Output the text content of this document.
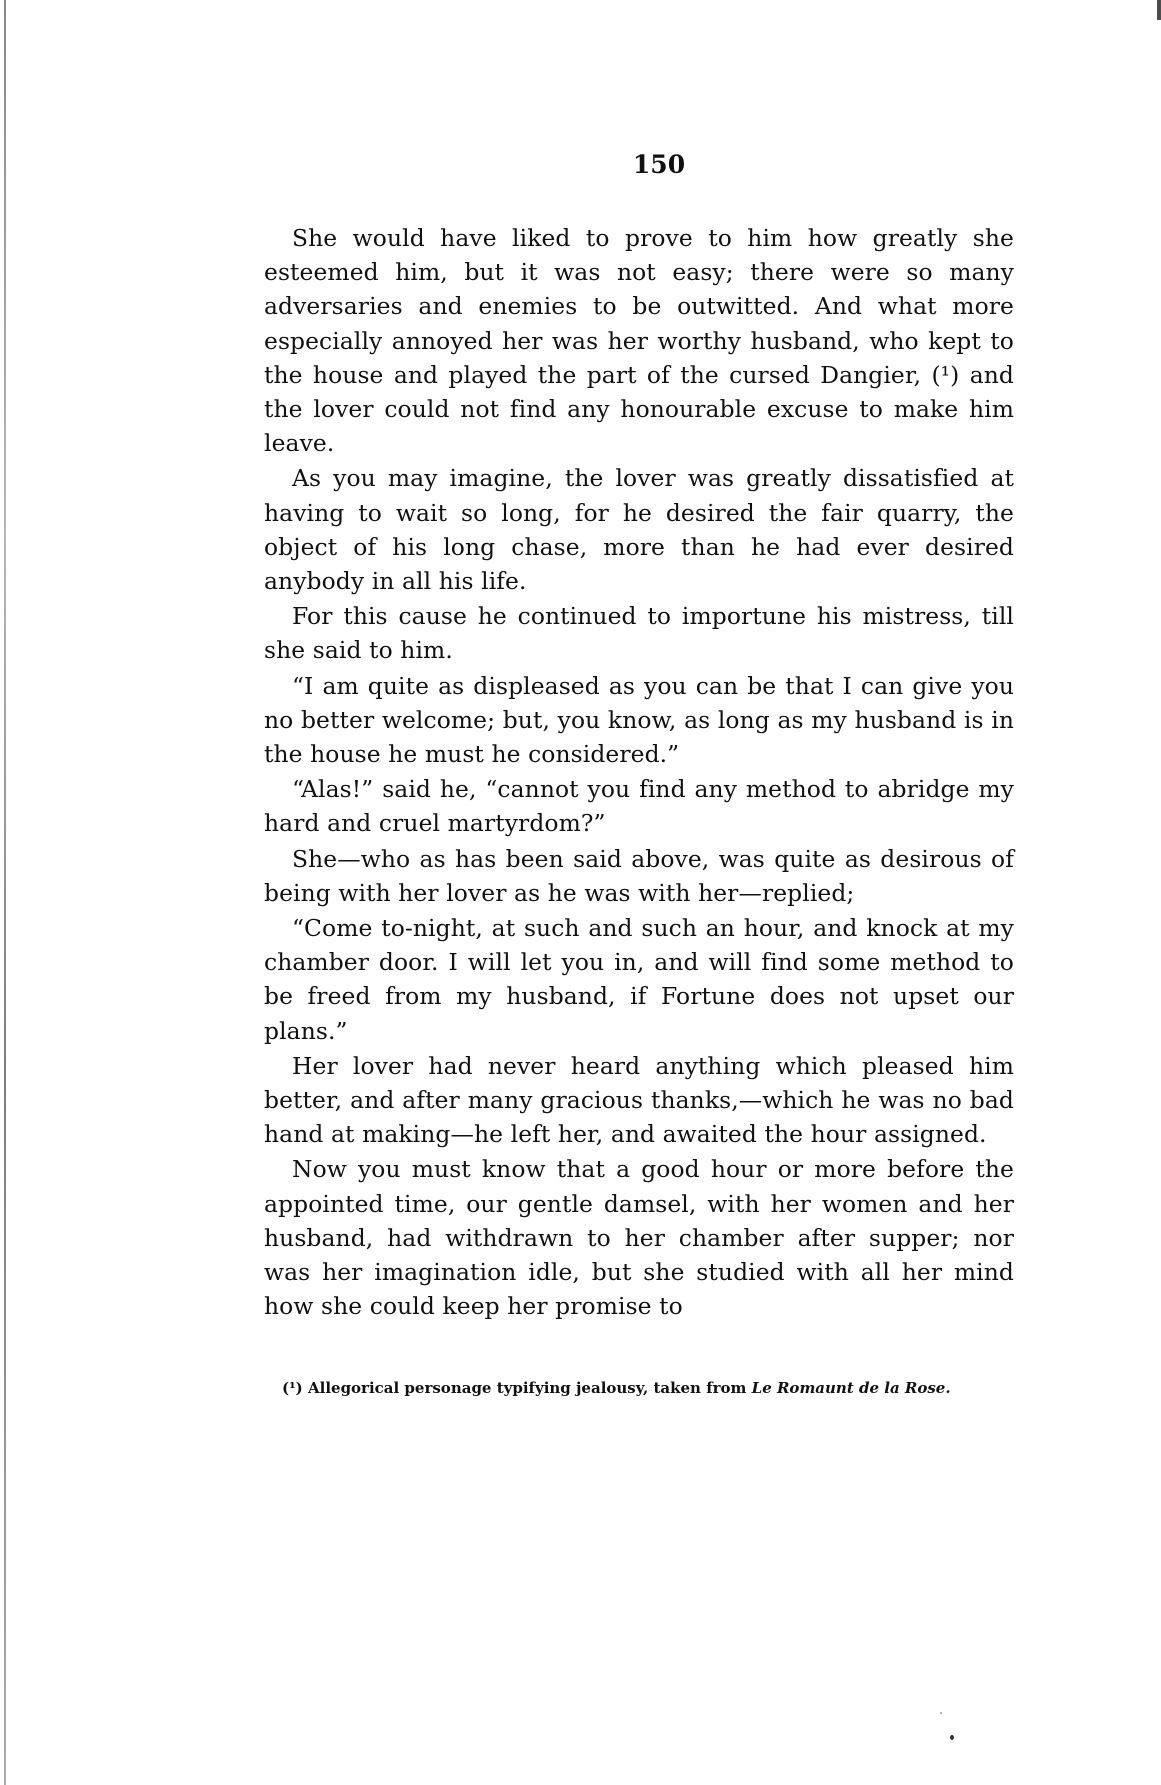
150

She would have liked to prove to him how greatly she esteemed him, but it was not easy; there were so many adversaries and enemies to be outwitted. And what more especially annoyed her was her worthy husband, who kept to the house and played the part of the cursed Dangier, (¹) and the lover could not find any honourable excuse to make him leave.

As you may imagine, the lover was greatly dissatisfied at having to wait so long, for he desired the fair quarry, the object of his long chase, more than he had ever desired anybody in all his life.

For this cause he continued to importune his mistress, till she said to him.

“I am quite as displeased as you can be that I can give you no better welcome; but, you know, as long as my husband is in the house he must he considered.”

“Alas!” said he, “cannot you find any method to abridge my hard and cruel martyrdom?”

She—who as has been said above, was quite as desirous of being with her lover as he was with her—replied;

“Come to-night, at such and such an hour, and knock at my chamber door. I will let you in, and will find some method to be freed from my husband, if Fortune does not upset our plans.”

Her lover had never heard anything which pleased him better, and after many gracious thanks,—which he was no bad hand at making—he left her, and awaited the hour assigned.

Now you must know that a good hour or more before the appointed time, our gentle damsel, with her women and her husband, had withdrawn to her chamber after supper; nor was her imagination idle, but she studied with all her mind how she could keep her promise to

(¹) Allegorical personage typifying jealousy, taken from Le Romaunt de la Rose.
